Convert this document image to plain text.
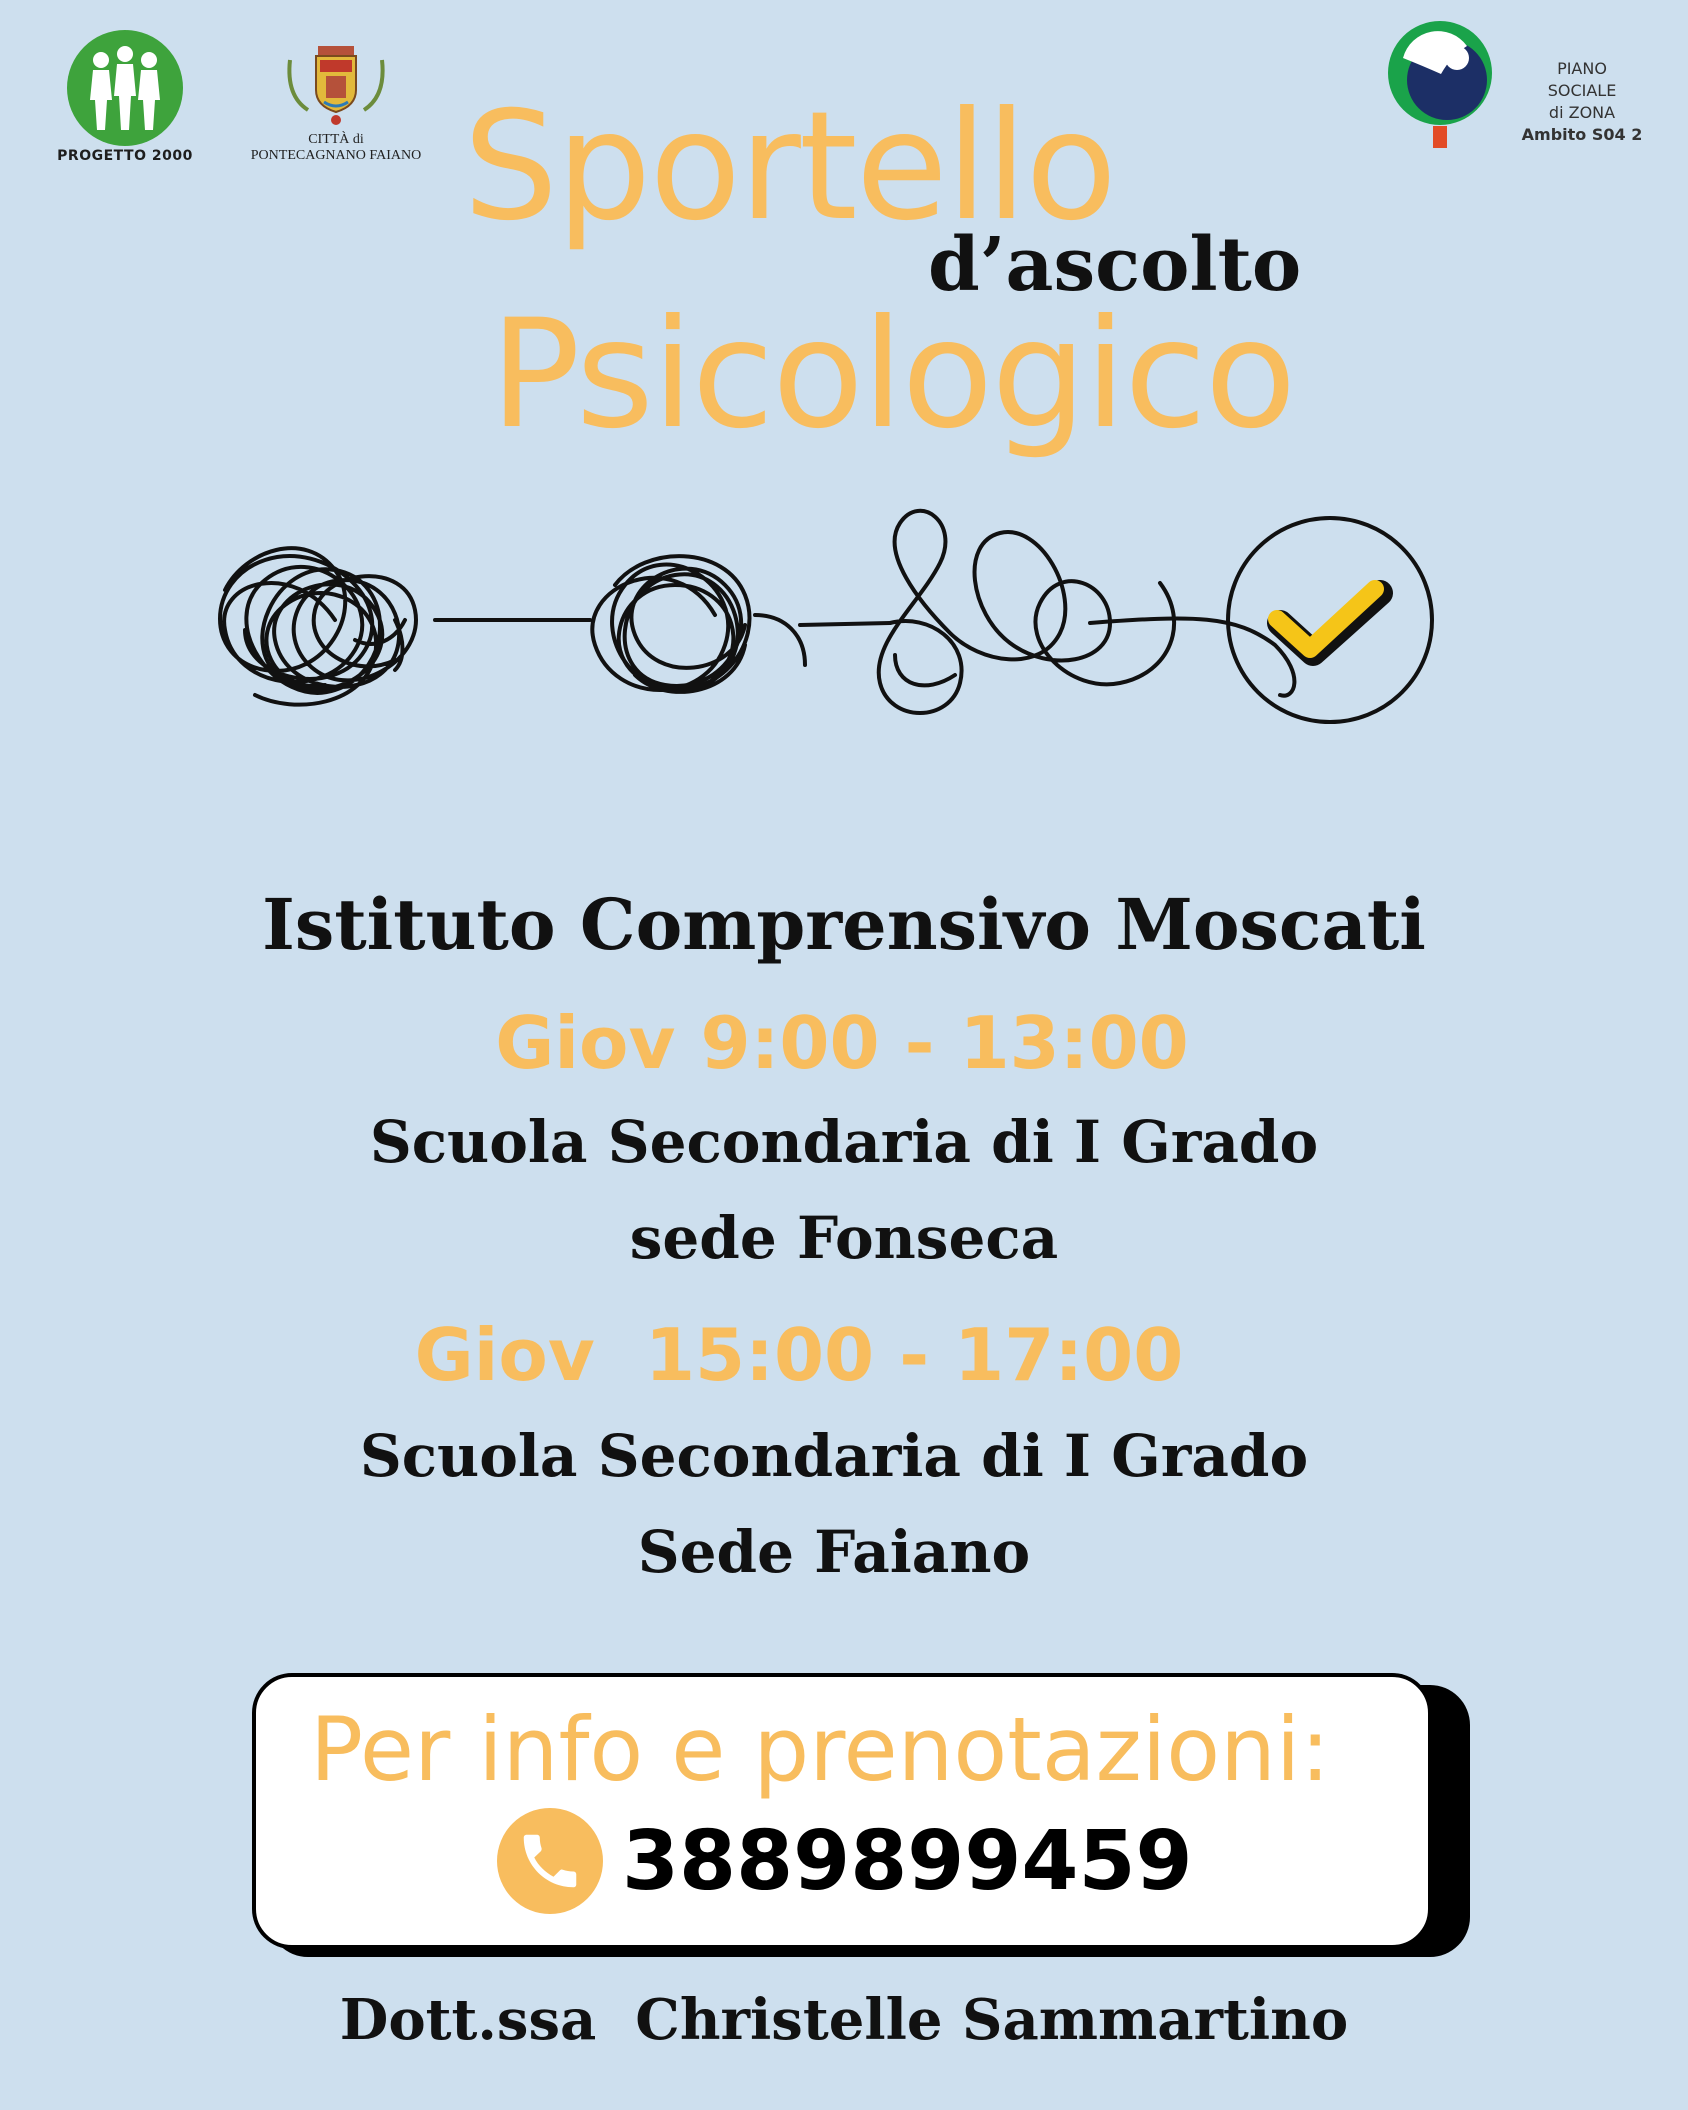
PROGETTO 2000
CITTÀ di
PONTECAGNANO FAIANO
PIANO
SOCIALE
di ZONA
Ambito S04 2
Sportello
d’ascolto
Psicologico
Istituto Comprensivo Moscati
Giov 9:00 - 13:00
Scuola Secondaria di I Grado
sede Fonseca
Giov  15:00 - 17:00
Scuola Secondaria di I Grado
Sede Faiano
Per info e prenotazioni:
3889899459
Dott.ssa  Christelle Sammartino
